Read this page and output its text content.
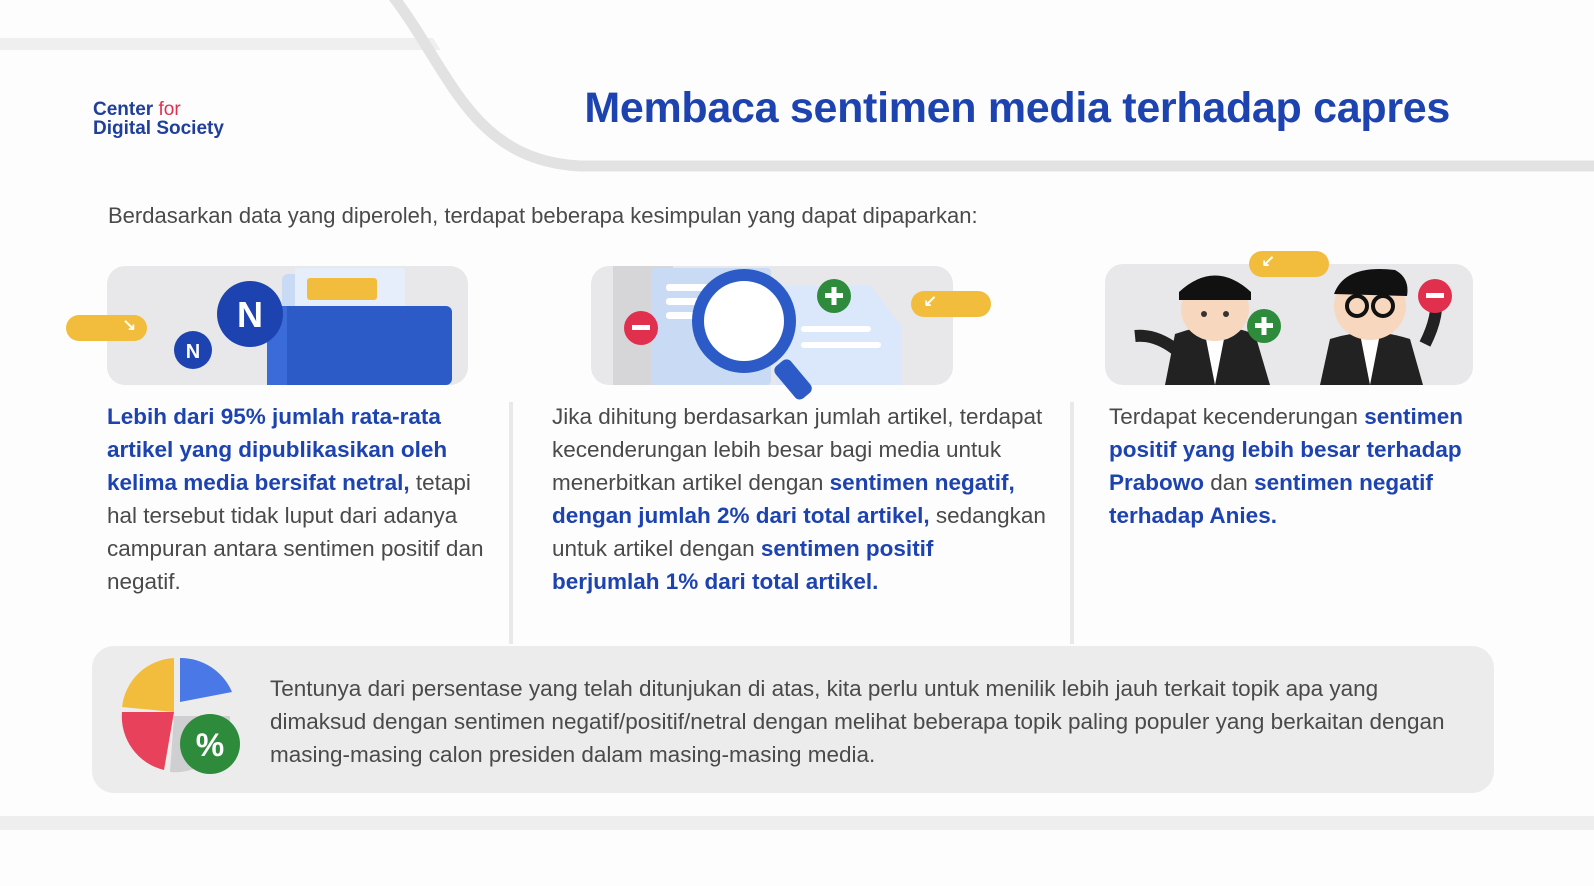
Center for
Digital Society	Membaca sentimen media terhadap capres
Berdasarkan data yang diperoleh, terdapat beberapa kesimpulan yang dapat dipaparkan:
N
N
↘
↙
↙
Lebih dari 95% jumlah rata-rata artikel yang dipublikasikan oleh kelima media bersifat netral, tetapi hal tersebut tidak luput dari adanya campuran antara sentimen positif dan negatif.
Jika dihitung berdasarkan jumlah artikel, terdapat kecenderungan lebih besar bagi media untuk menerbitkan artikel dengan sentimen negatif, dengan jumlah 2% dari total artikel, sedangkan untuk artikel dengan sentimen positif berjumlah 1% dari total artikel.
Terdapat kecenderungan sentimen positif yang lebih besar terhadap Prabowo dan sentimen negatif terhadap Anies.
%
Tentunya dari persentase yang telah ditunjukan di atas, kita perlu untuk menilik lebih jauh terkait topik apa yang dimaksud dengan sentimen negatif/positif/netral dengan melihat beberapa topik paling populer yang berkaitan dengan masing-masing calon presiden dalam masing-masing media.
